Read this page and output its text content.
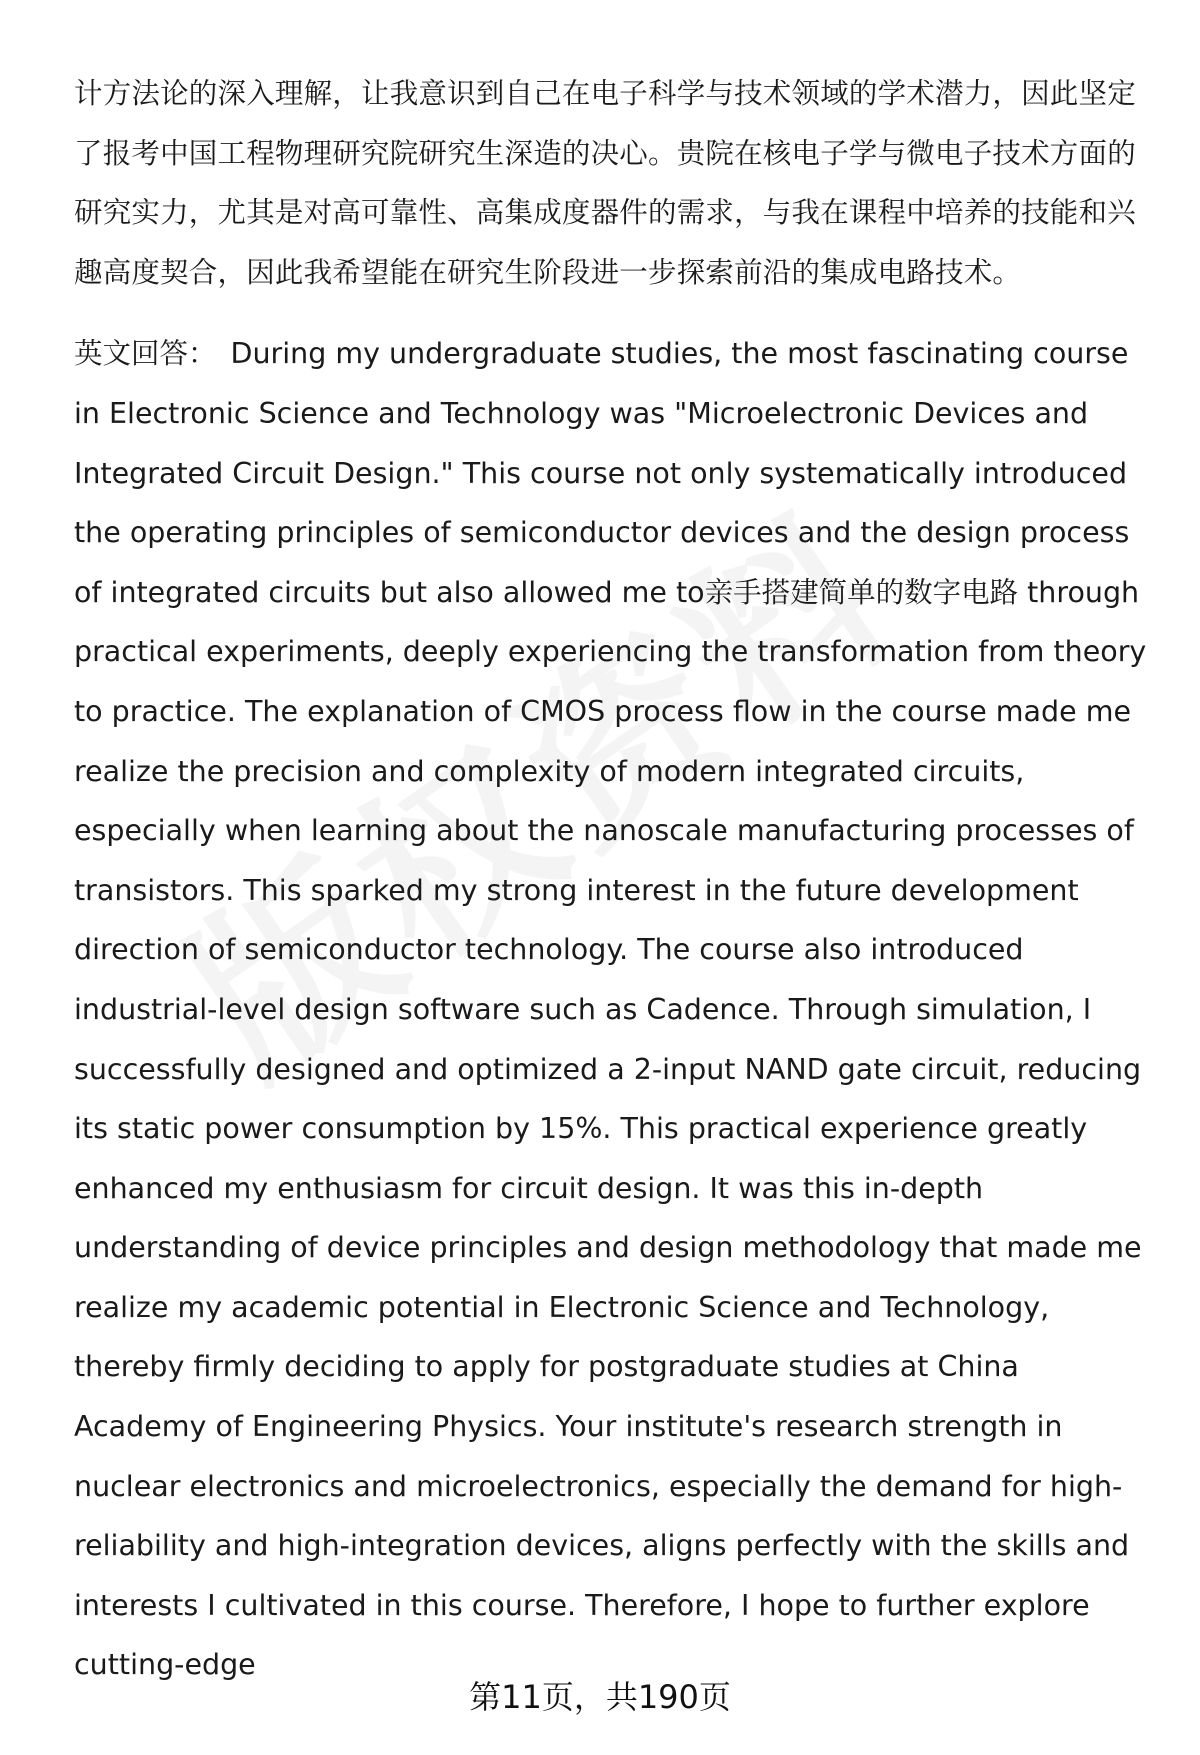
计方法论的深入理解，让我意识到自己在电子科学与技术领域的学术潜力，因此坚定了报考中国工程物理研究院研究生深造的决心。贵院在核电子学与微电子技术方面的研究实力，尤其是对高可靠性、高集成度器件的需求，与我在课程中培养的技能和兴趣高度契合，因此我希望能在研究生阶段进一步探索前沿的集成电路技术。

英文回答： During my undergraduate studies, the most fascinating course in Electronic Science and Technology was "Microelectronic Devices and Integrated Circuit Design." This course not only systematically introduced the operating principles of semiconductor devices and the design process of integrated circuits but also allowed me to亲手搭建简单的数字电路 through practical experiments, deeply experiencing the transformation from theory to practice. The explanation of CMOS process flow in the course made me realize the precision and complexity of modern integrated circuits, especially when learning about the nanoscale manufacturing processes of transistors. This sparked my strong interest in the future development direction of semiconductor technology. The course also introduced industrial-level design software such as Cadence. Through simulation, I successfully designed and optimized a 2-input NAND gate circuit, reducing its static power consumption by 15%. This practical experience greatly enhanced my enthusiasm for circuit design. It was this in-depth understanding of device principles and design methodology that made me realize my academic potential in Electronic Science and Technology, thereby firmly deciding to apply for postgraduate studies at China Academy of Engineering Physics. Your institute's research strength in nuclear electronics and microelectronics, especially the demand for high-reliability and high-integration devices, aligns perfectly with the skills and interests I cultivated in this course. Therefore, I hope to further explore cutting-edge

第11页，共190页
